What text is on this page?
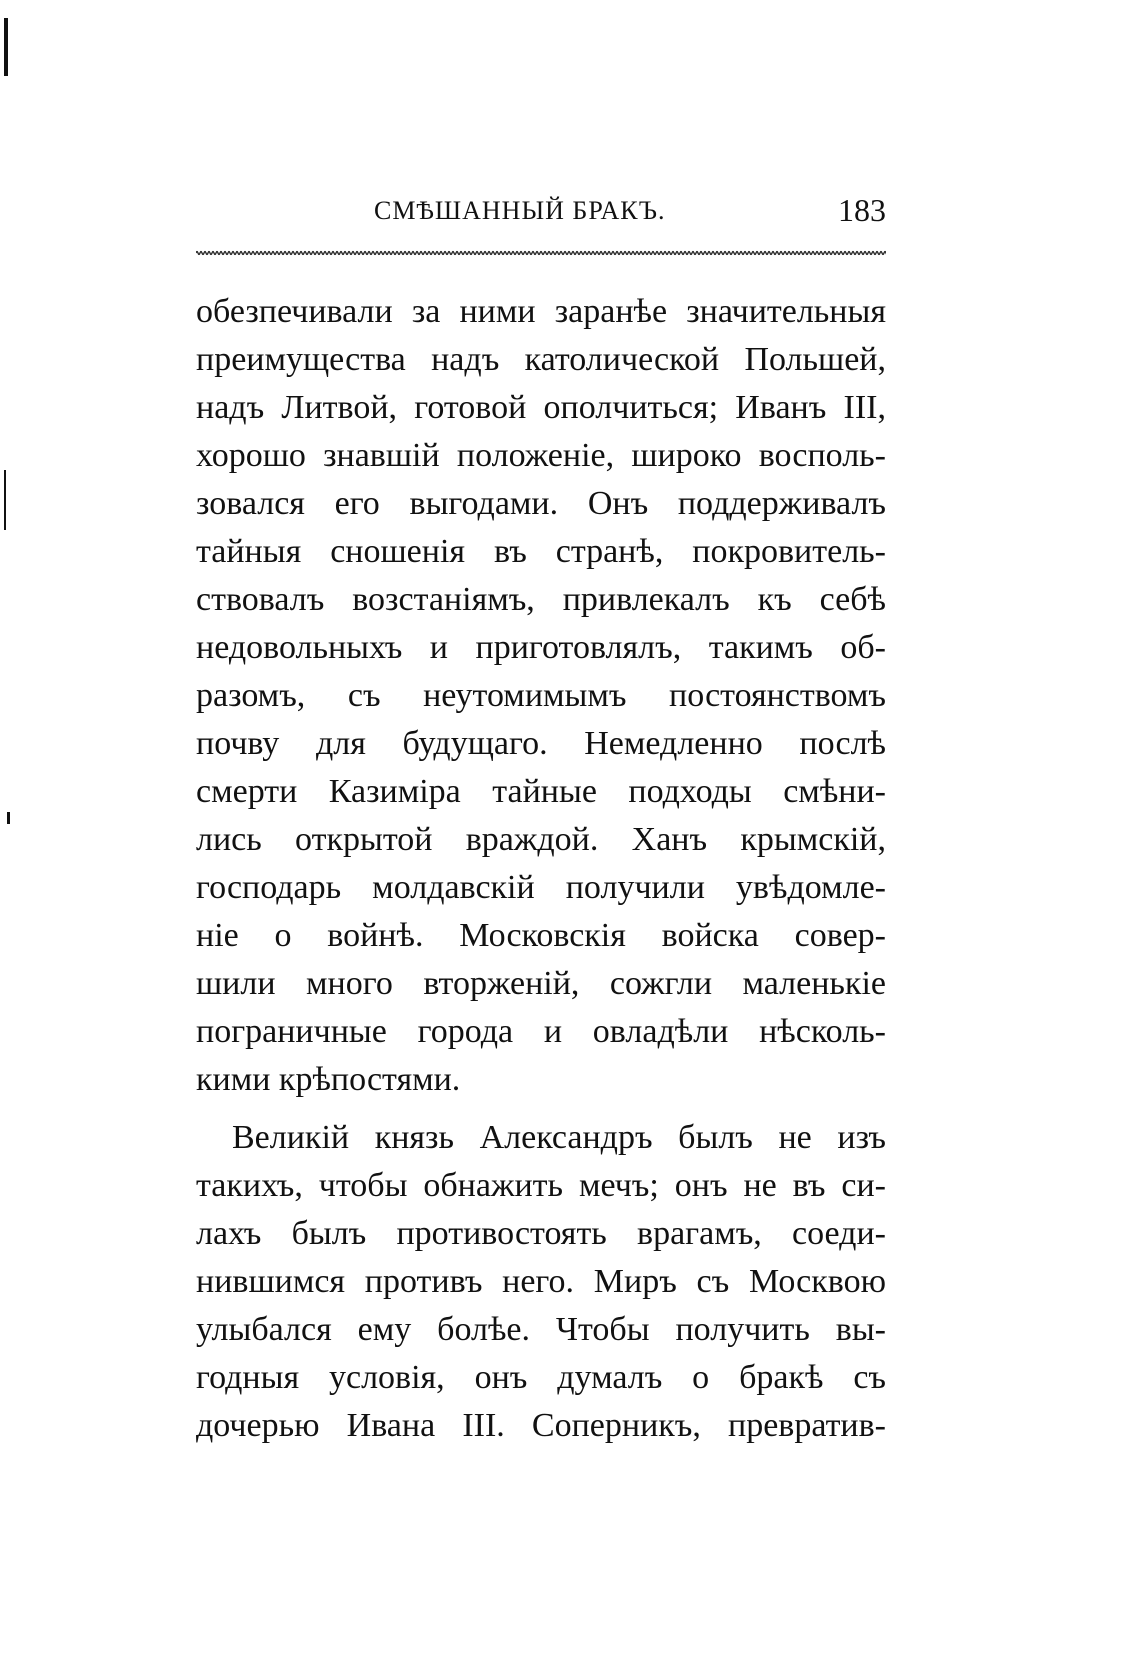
СМѢШАННЫЙ БРАКЪ.	183
обезпечивали за ними заранѣе значительныя
преимущества надъ католической Польшей,
надъ Литвой, готовой ополчиться; Иванъ III,
хорошо знавшій положеніе, широко восполь-
зовался его выгодами. Онъ поддерживалъ
тайныя сношенія въ странѣ, покровитель-
ствовалъ возстаніямъ, привлекалъ къ себѣ
недовольныхъ и приготовлялъ, такимъ об-
разомъ, съ неутомимымъ постоянствомъ
почву для будущаго. Немедленно послѣ
смерти Казиміра тайные подходы смѣни-
лись открытой враждой. Ханъ крымскій,
господарь молдавскій получили увѣдомле-
ніе о войнѣ. Московскія войска совер-
шили много вторженій, сожгли маленькіе
пограничные города и овладѣли нѣсколь-
кими крѣпостями.
Великій князь Александръ былъ не изъ
такихъ, чтобы обнажить мечъ; онъ не въ си-
лахъ былъ противостоять врагамъ, соеди-
нившимся противъ него. Миръ съ Москвою
улыбался ему болѣе. Чтобы получить вы-
годныя условія, онъ думалъ о бракѣ съ
дочерью Ивана III. Соперникъ, превратив-
